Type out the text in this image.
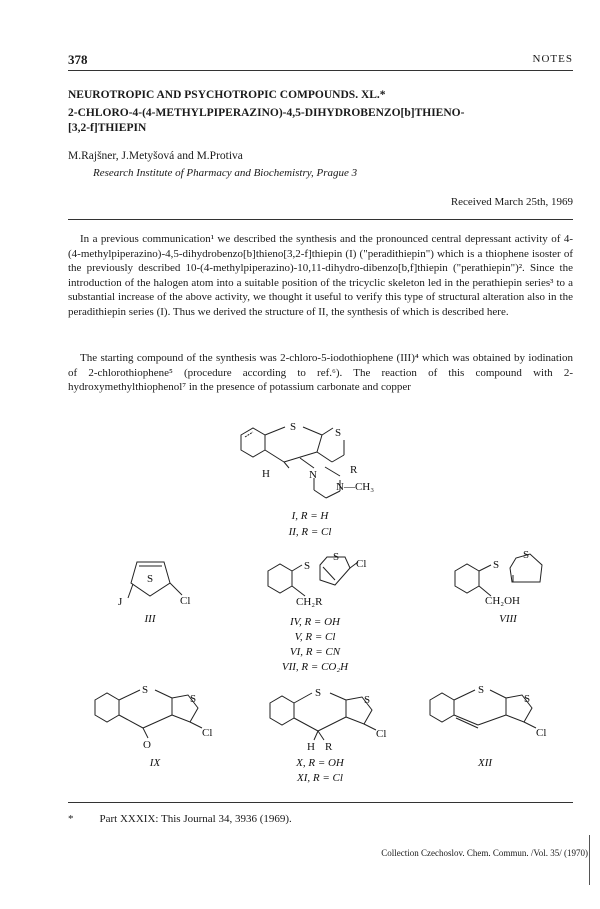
378	NOTES
NEUROTROPIC AND PSYCHOTROPIC COMPOUNDS. XL.*
2-CHLORO-4-(4-METHYLPIPERAZINO)-4,5-DIHYDROBENZO[b]THIENO-
[3,2-f]THIEPIN
M.Rajšner, J.Metyšová and M.Protiva
Research Institute of Pharmacy and Biochemistry, Prague 3
Received March 25th, 1969
In a previous communication¹ we described the synthesis and the pronounced central depressant activity of 4-(4-methylpiperazino)-4,5-dihydrobenzo[b]thieno[3,2-f]thiepin (I) ("peradithiepin") which is a thiophene isoster of the previously described 10-(4-methylpiperazino)-10,11-dihydro-dibenzo[b,f]thiepin ("perathiepin")². Since the introduction of the halogen atom into a suitable position of the tricyclic skeleton led in the perathiepin series³ to a substantial increase of the above activity, we thought it useful to verify this type of structural alteration also in the peradithiepin series (I). Thus we derived the structure of II, the synthesis of which is described here.
The starting compound of the synthesis was 2-chloro-5-iodothiophene (III)⁴ which was obtained by iodination of 2-chlorothiophene⁵ (procedure according to ref.⁶). The reaction of this compound with 2-hydroxymethylthiophenol⁷ in the presence of potassium carbonate and copper
S	S
R
H	N
N—CH₃
S
J	Cl
S
S
Cl
CH₂R
S
S
CH₂OH
S
S
O
Cl
S
S
Cl
H R
S
S
Cl
I, R = H
II, R = Cl
III	IV, R = OH
V, R = Cl
VI, R = CN
VII, R = CO₂H
VIII
IX	X, R = OH
XI, R = Cl
XII
* Part XXXIX: This Journal 34, 3936 (1969).
Collection Czechoslov. Chem. Commun. /Vol. 35/ (1970)
